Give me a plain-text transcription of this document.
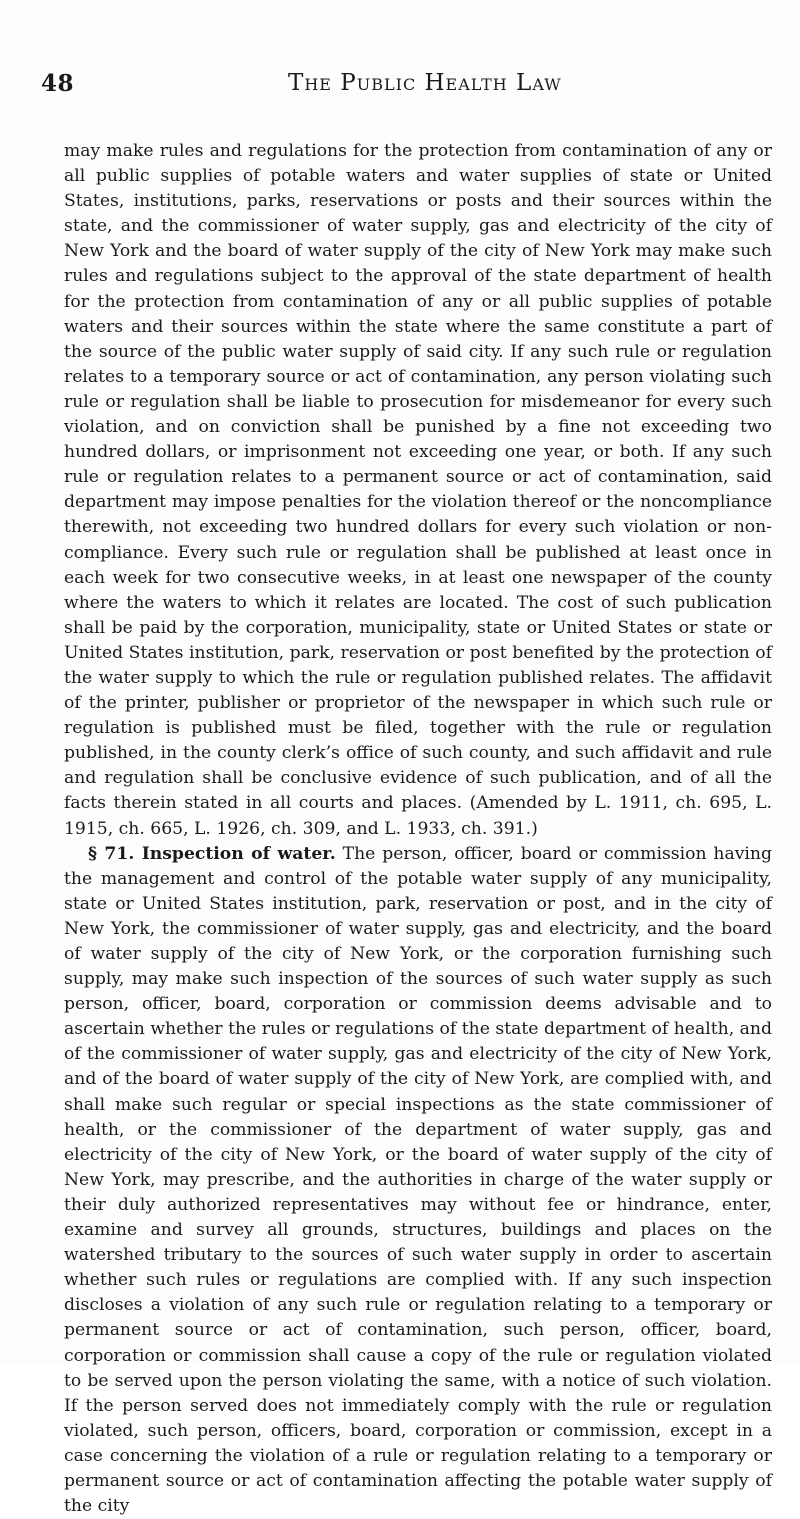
48	The Public Health Law

may make rules and regulations for the protection from contamination of any or all public supplies of potable waters and water supplies of state or United States, institutions, parks, reservations or posts and their sources within the state, and the commissioner of water supply, gas and electricity of the city of New York and the board of water supply of the city of New York may make such rules and regulations subject to the approval of the state department of health for the protection from contamination of any or all public supplies of potable waters and their sources within the state where the same constitute a part of the source of the public water supply of said city. If any such rule or regulation relates to a temporary source or act of contamination, any person violating such rule or regulation shall be liable to prosecution for misdemeanor for every such violation, and on conviction shall be punished by a fine not exceeding two hundred dollars, or imprisonment not exceeding one year, or both. If any such rule or regulation relates to a permanent source or act of contamination, said department may impose penalties for the violation thereof or the noncompliance therewith, not exceeding two hundred dollars for every such violation or non-compliance. Every such rule or regulation shall be published at least once in each week for two consecutive weeks, in at least one newspaper of the county where the waters to which it relates are located. The cost of such publication shall be paid by the corporation, municipality, state or United States or state or United States institution, park, reservation or post benefited by the protection of the water supply to which the rule or regulation published relates. The affidavit of the printer, publisher or proprietor of the newspaper in which such rule or regulation is published must be filed, together with the rule or regulation published, in the county clerk’s office of such county, and such affidavit and rule and regulation shall be conclusive evidence of such publication, and of all the facts therein stated in all courts and places. (Amended by L. 1911, ch. 695, L. 1915, ch. 665, L. 1926, ch. 309, and L. 1933, ch. 391.)

§ 71. Inspection of water. The person, officer, board or commission having the management and control of the potable water supply of any municipality, state or United States institution, park, reservation or post, and in the city of New York, the commissioner of water supply, gas and electricity, and the board of water supply of the city of New York, or the corporation furnishing such supply, may make such inspection of the sources of such water supply as such person, officer, board, corporation or commission deems advisable and to ascertain whether the rules or regulations of the state department of health, and of the commissioner of water supply, gas and electricity of the city of New York, and of the board of water supply of the city of New York, are complied with, and shall make such regular or special inspections as the state commissioner of health, or the commissioner of the department of water supply, gas and electricity of the city of New York, or the board of water supply of the city of New York, may prescribe, and the authorities in charge of the water supply or their duly authorized representatives may without fee or hindrance, enter, examine and survey all grounds, structures, buildings and places on the watershed tributary to the sources of such water supply in order to ascertain whether such rules or regulations are complied with. If any such inspection discloses a violation of any such rule or regulation relating to a temporary or permanent source or act of contamination, such person, officer, board, corporation or commission shall cause a copy of the rule or regulation violated to be served upon the person violating the same, with a notice of such violation. If the person served does not immediately comply with the rule or regulation violated, such person, officers, board, corporation or commission, except in a case concerning the violation of a rule or regulation relating to a temporary or permanent source or act of contamination affecting the potable water supply of the city
